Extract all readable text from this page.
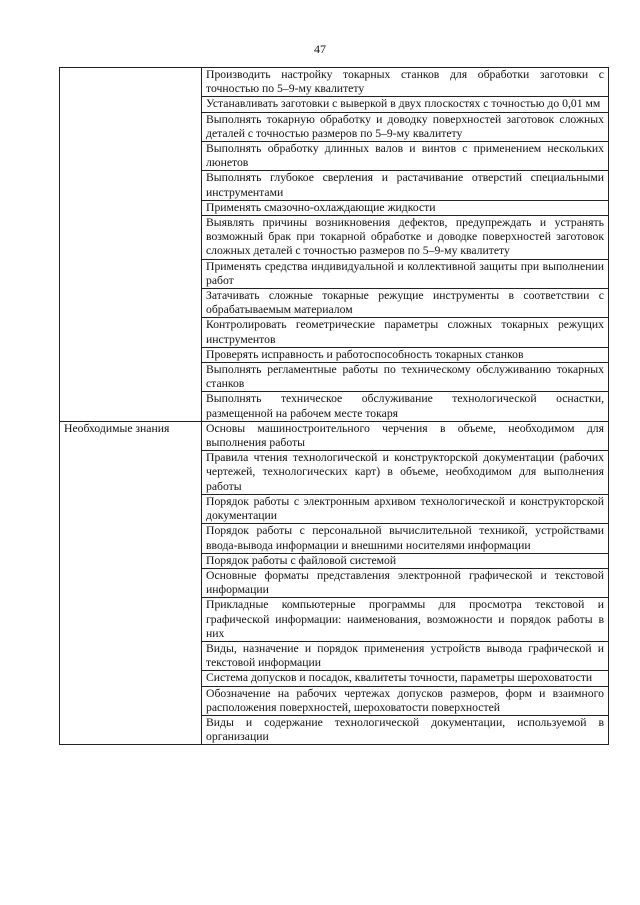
47
	Производить настройку токарных станков для обработки заготовки с точностью по 5–9-му квалитету
	Устанавливать заготовки с выверкой в двух плоскостях с точностью до 0,01 мм
	Выполнять токарную обработку и доводку поверхностей заготовок сложных деталей с точностью размеров по 5–9-му квалитету
	Выполнять обработку длинных валов и винтов с применением нескольких люнетов
	Выполнять глубокое сверления и растачивание отверстий специальными инструментами
	Применять смазочно-охлаждающие жидкости
	Выявлять причины возникновения дефектов, предупреждать и устранять возможный брак при токарной обработке и доводке поверхностей заготовок сложных деталей с точностью размеров по 5–9-му квалитету
	Применять средства индивидуальной и коллективной защиты при выполнении работ
	Затачивать сложные токарные режущие инструменты в соответствии с обрабатываемым материалом
	Контролировать геометрические параметры сложных токарных режущих инструментов
	Проверять исправность и работоспособность токарных станков
	Выполнять регламентные работы по техническому обслуживанию токарных станков
	Выполнять техническое обслуживание технологической оснастки, размещенной на рабочем месте токаря
Необходимые знания	Основы машиностроительного черчения в объеме, необходимом для выполнения работы
	Правила чтения технологической и конструкторской документации (рабочих чертежей, технологических карт) в объеме, необходимом для выполнения работы
	Порядок работы с электронным архивом технологической и конструкторской документации
	Порядок работы с персональной вычислительной техникой, устройствами ввода-вывода информации и внешними носителями информации
	Порядок работы с файловой системой
	Основные форматы представления электронной графической и текстовой информации
	Прикладные компьютерные программы для просмотра текстовой и графической информации: наименования, возможности и порядок работы в них
	Виды, назначение и порядок применения устройств вывода графической и текстовой информации
	Система допусков и посадок, квалитеты точности, параметры шероховатости
	Обозначение на рабочих чертежах допусков размеров, форм и взаимного расположения поверхностей, шероховатости поверхностей
	Виды и содержание технологической документации, используемой в организации
